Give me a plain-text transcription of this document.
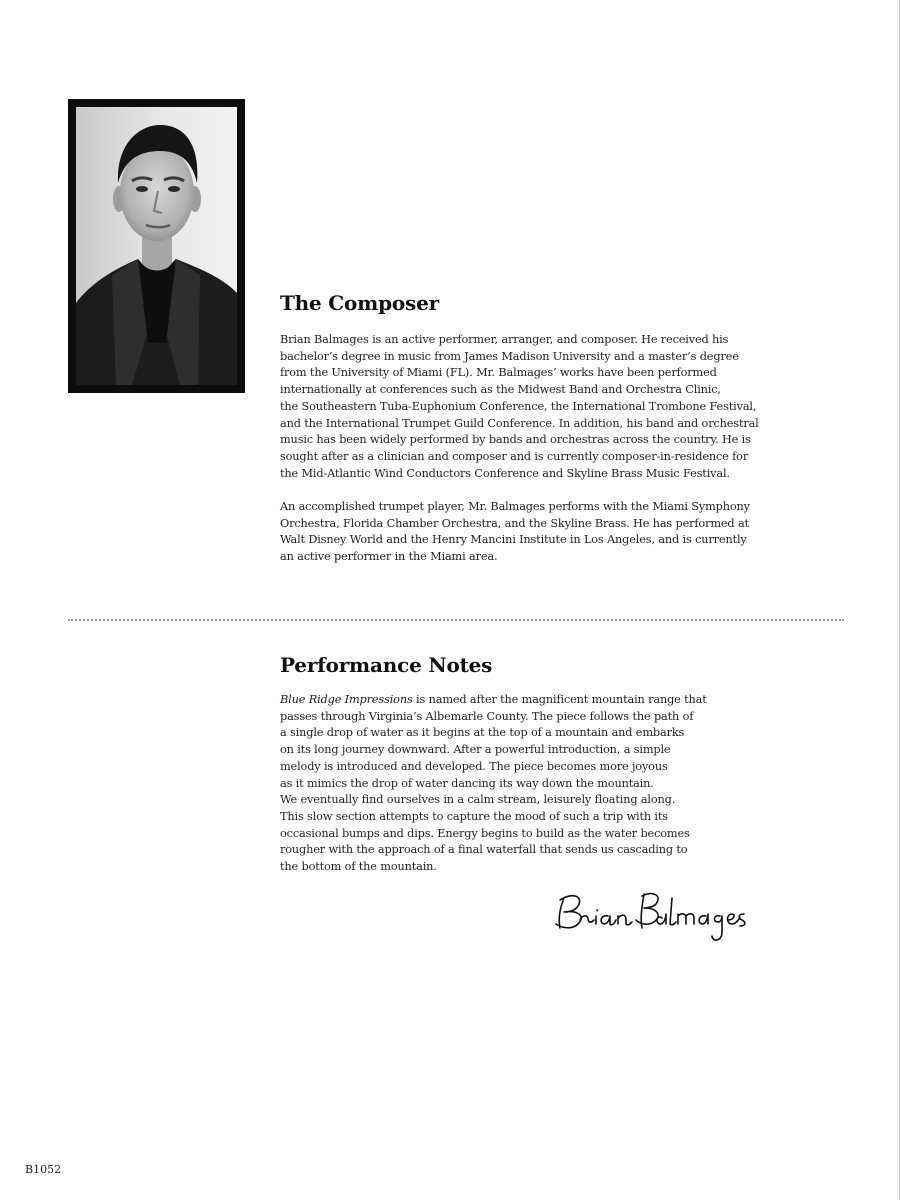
The Composer

Brian Balmages is an active performer, arranger, and composer. He received his
bachelor’s degree in music from James Madison University and a master’s degree
from the University of Miami (FL). Mr. Balmages’ works have been performed
internationally at conferences such as the Midwest Band and Orchestra Clinic,
the Southeastern Tuba-Euphonium Conference, the International Trombone Festival,
and the International Trumpet Guild Conference. In addition, his band and orchestral
music has been widely performed by bands and orchestras across the country. He is
sought after as a clinician and composer and is currently composer-in-residence for
the Mid-Atlantic Wind Conductors Conference and Skyline Brass Music Festival.

An accomplished trumpet player, Mr. Balmages performs with the Miami Symphony
Orchestra, Florida Chamber Orchestra, and the Skyline Brass. He has performed at
Walt Disney World and the Henry Mancini Institute in Los Angeles, and is currently
an active performer in the Miami area.

Performance Notes

Blue Ridge Impressions is named after the magnificent mountain range that
passes through Virginia’s Albemarle County. The piece follows the path of
a single drop of water as it begins at the top of a mountain and embarks
on its long journey downward. After a powerful introduction, a simple
melody is introduced and developed. The piece becomes more joyous
as it mimics the drop of water dancing its way down the mountain.
We eventually find ourselves in a calm stream, leisurely floating along.
This slow section attempts to capture the mood of such a trip with its
occasional bumps and dips. Energy begins to build as the water becomes
rougher with the approach of a final waterfall that sends us cascading to
the bottom of the mountain.

B1052
